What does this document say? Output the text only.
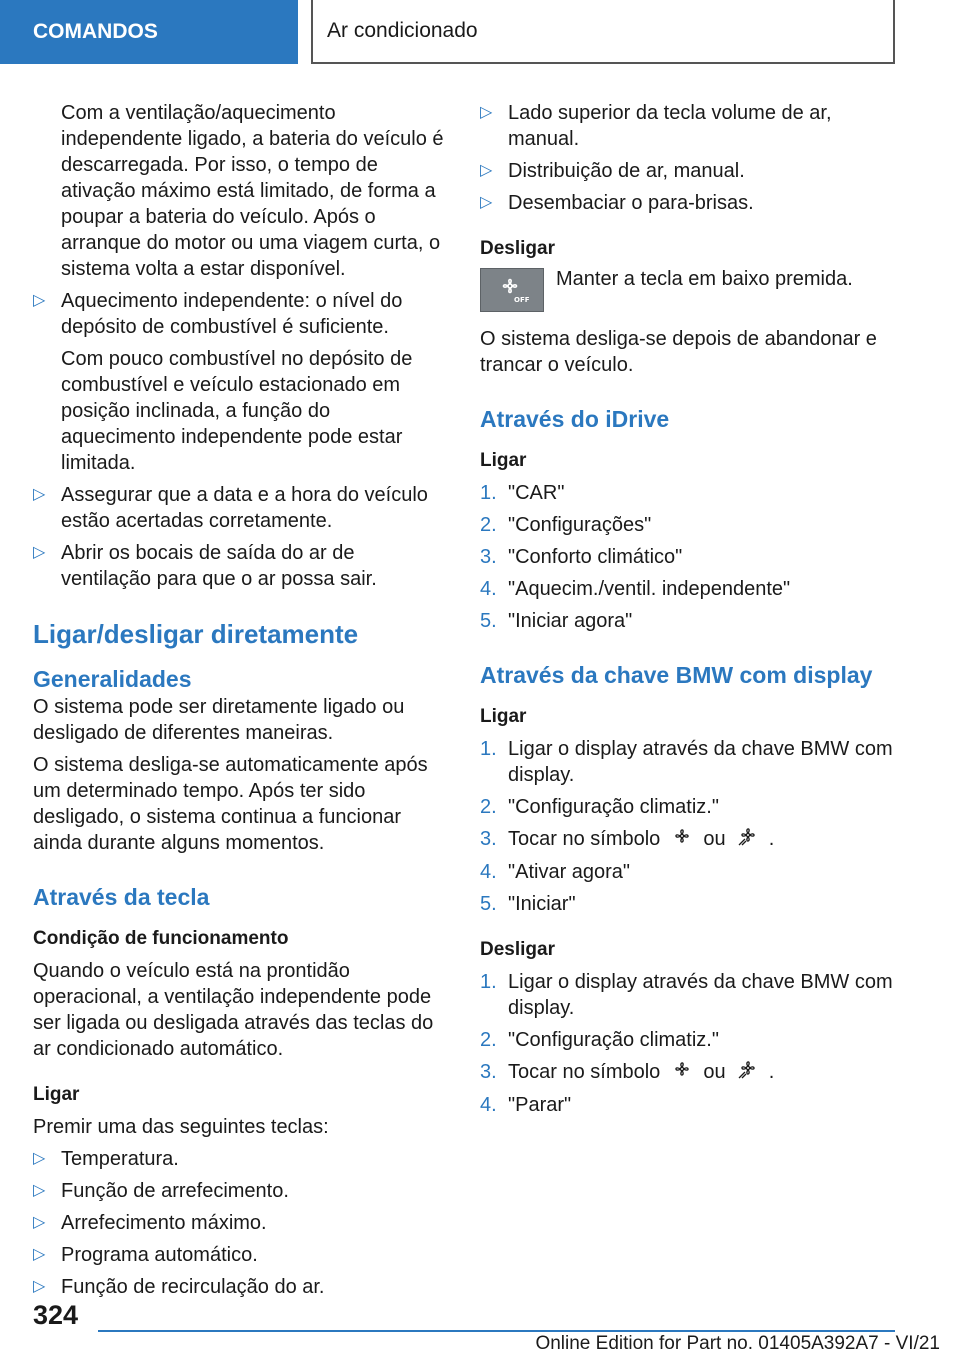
COMANDOS	Ar condicionado

Com a ventilação/aquecimento independente ligado, a bateria do veículo é descarregada. Por isso, o tempo de ativação máximo está limitado, de forma a poupar a bateria do veículo. Após o arranque do motor ou uma viagem curta, o sistema volta a estar disponível.

▷ Aquecimento independente: o nível do depósito de combustível é suficiente.

Com pouco combustível no depósito de combustível e veículo estacionado em posição inclinada, a função do aquecimento independente pode estar limitada.

▷ Assegurar que a data e a hora do veículo estão acertadas corretamente.
▷ Abrir os bocais de saída do ar de ventilação para que o ar possa sair.
Ligar/desligar diretamente
Generalidades

O sistema pode ser diretamente ligado ou desligado de diferentes maneiras.

O sistema desliga-se automaticamente após um determinado tempo. Após ter sido desligado, o sistema continua a funcionar ainda durante alguns momentos.

Através da tecla
Condição de funcionamento

Quando o veículo está na prontidão operacional, a ventilação independente pode ser ligada ou desligada através das teclas do ar condicionado automático.

Ligar

Premir uma das seguintes teclas:

▷ Temperatura.
▷ Função de arrefecimento.
▷ Arrefecimento máximo.
▷ Programa automático.
▷ Função de recirculação do ar.
▷ Lado superior da tecla volume de ar, manual.
▷ Distribuição de ar, manual.
▷ Desembaciar o para-brisas.
Desligar
OFF

Manter a tecla em baixo premida.

O sistema desliga-se depois de abandonar e trancar o veículo.

Através do iDrive
Ligar
1. "CAR"
2. "Configurações"
3. "Conforto climático"
4. "Aquecim./ventil. independente"
5. "Iniciar agora"
Através da chave BMW com display
Ligar
1. Ligar o display através da chave BMW com display.
2. "Configuração climatiz."
3. Tocar no símbolo ou .
4. "Ativar agora"
5. "Iniciar"
Desligar
1. Ligar o display através da chave BMW com display.
2. "Configuração climatiz."
3. Tocar no símbolo ou .
4. "Parar"
324
Online Edition for Part no. 01405A392A7 - VI/21
